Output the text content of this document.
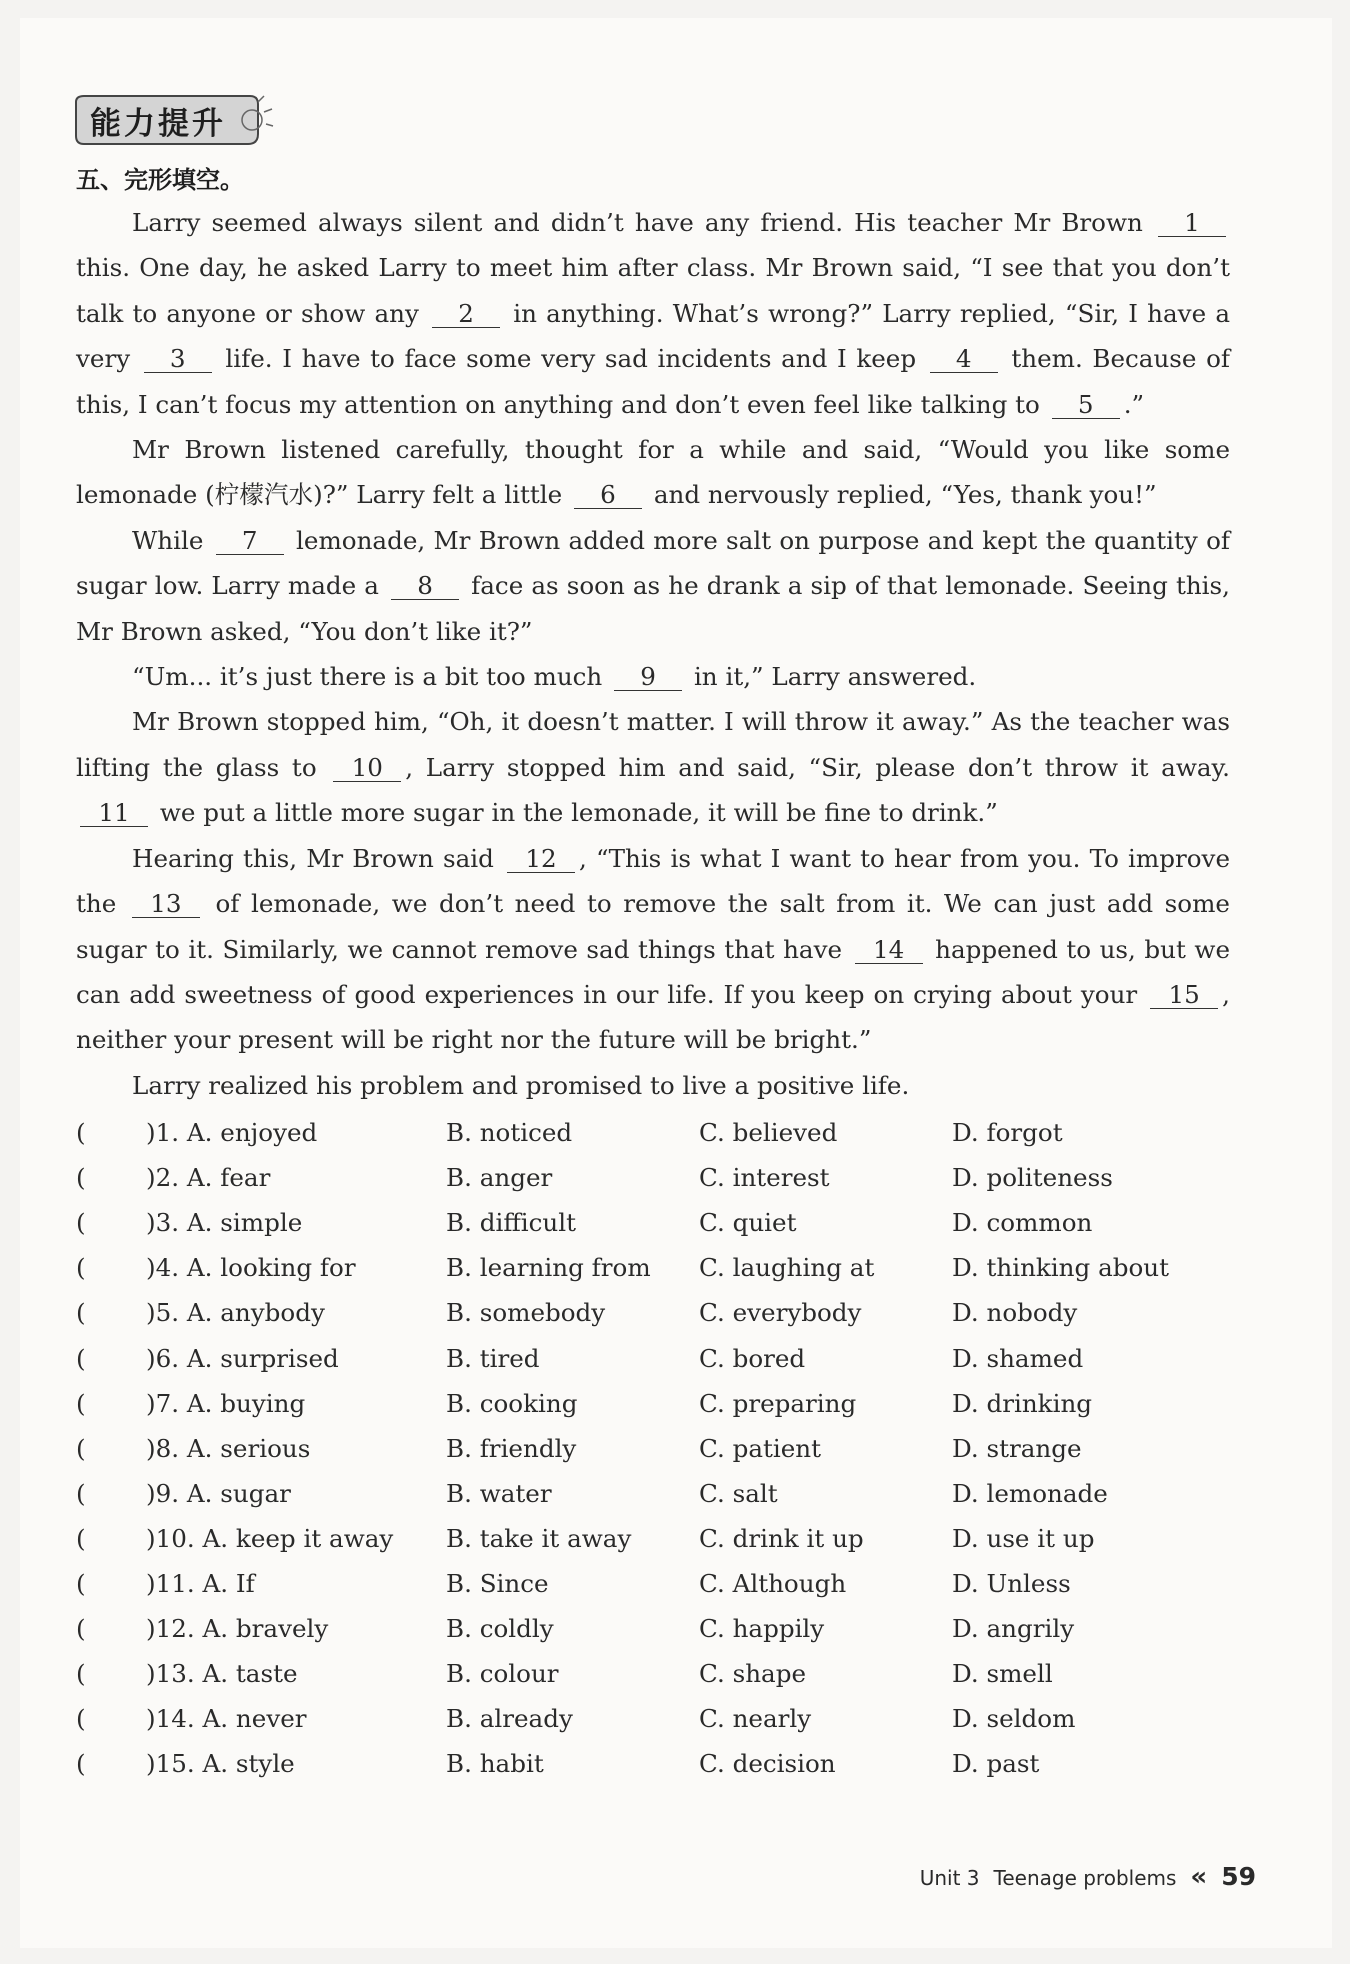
能力提升
五、完形填空。

Larry seemed always silent and didn’t have any friend. His teacher Mr Brown 1 this. One day, he asked Larry to meet him after class. Mr Brown said, “I see that you don’t talk to anyone or show any 2 in anything. What’s wrong?” Larry replied, “Sir, I have a very 3 life. I have to face some very sad incidents and I keep 4 them. Because of this, I can’t focus my attention on anything and don’t even feel like talking to 5 .”

Mr Brown listened carefully, thought for a while and said, “Would you like some lemonade (柠檬汽水)?” Larry felt a little 6 and nervously replied, “Yes, thank you!”

While 7 lemonade, Mr Brown added more salt on purpose and kept the quantity of sugar low. Larry made a 8 face as soon as he drank a sip of that lemonade. Seeing this, Mr Brown asked, “You don’t like it?”

“Um... it’s just there is a bit too much 9 in it,” Larry answered.

Mr Brown stopped him, “Oh, it doesn’t matter. I will throw it away.” As the teacher was lifting the glass to 10 , Larry stopped him and said, “Sir, please don’t throw it away. 11 we put a little more sugar in the lemonade, it will be fine to drink.”

Hearing this, Mr Brown said 12 , “This is what I want to hear from you. To improve the 13 of lemonade, we don’t need to remove the salt from it. We can just add some sugar to it. Similarly, we cannot remove sad things that have 14 happened to us, but we can add sweetness of good experiences in our life. If you keep on crying about your 15 , neither your present will be right nor the future will be bright.”

Larry realized his problem and promised to live a positive life.

(	)1. A. enjoyed	B. noticed	C. believed	D. forgot
(	)2. A. fear	B. anger	C. interest	D. politeness
(	)3. A. simple	B. difficult	C. quiet	D. common
(	)4. A. looking for	B. learning from	C. laughing at	D. thinking about
(	)5. A. anybody	B. somebody	C. everybody	D. nobody
(	)6. A. surprised	B. tired	C. bored	D. shamed
(	)7. A. buying	B. cooking	C. preparing	D. drinking
(	)8. A. serious	B. friendly	C. patient	D. strange
(	)9. A. sugar	B. water	C. salt	D. lemonade
(	)10. A. keep it away	B. take it away	C. drink it up	D. use it up
(	)11. A. If	B. Since	C. Although	D. Unless
(	)12. A. bravely	B. coldly	C. happily	D. angrily
(	)13. A. taste	B. colour	C. shape	D. smell
(	)14. A. never	B. already	C. nearly	D. seldom
(	)15. A. style	B. habit	C. decision	D. past
Unit 3 Teenage problems « 59
